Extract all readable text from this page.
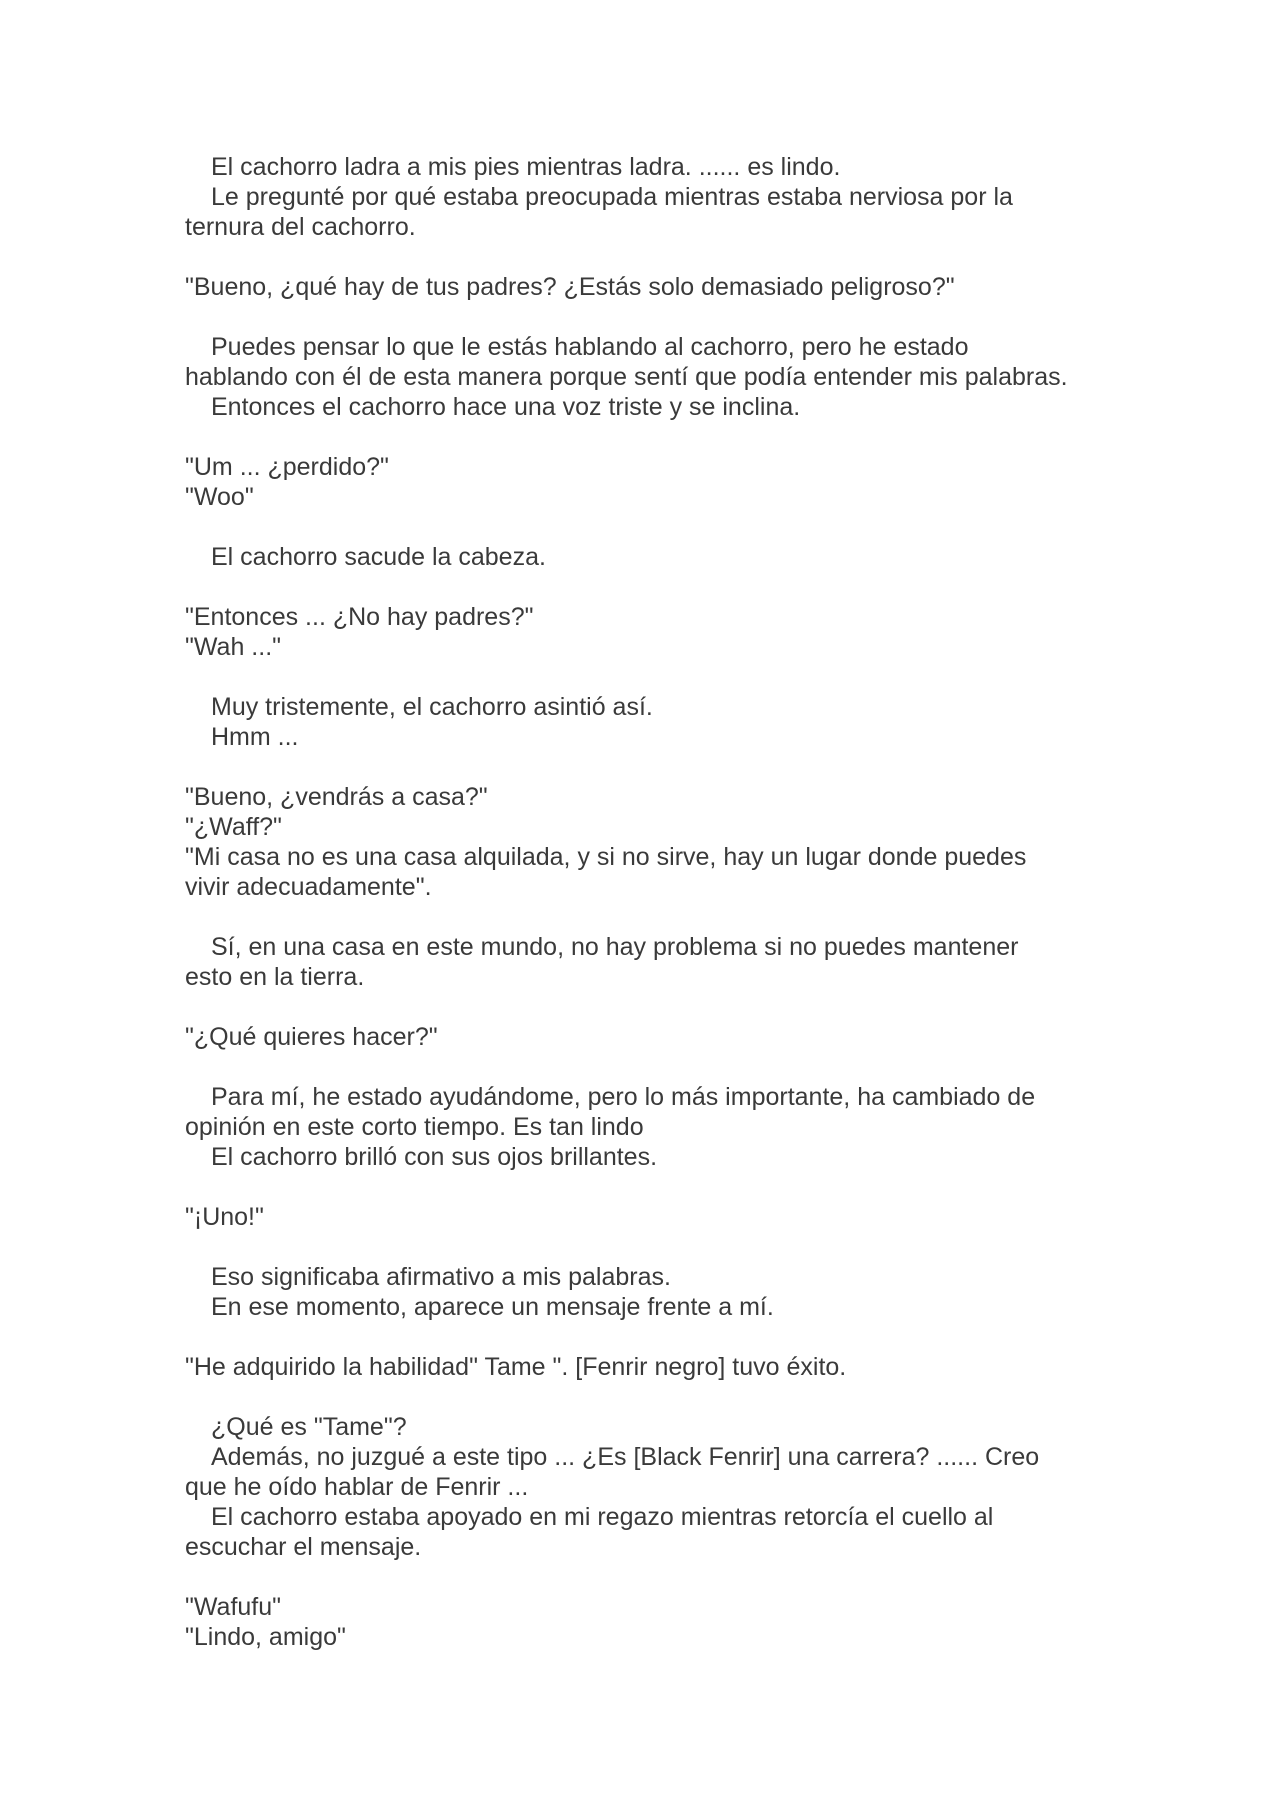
El cachorro ladra a mis pies mientras ladra. ...... es lindo.

Le pregunté por qué estaba preocupada mientras estaba nerviosa por la

ternura del cachorro.

"Bueno, ¿qué hay de tus padres? ¿Estás solo demasiado peligroso?"

Puedes pensar lo que le estás hablando al cachorro, pero he estado

hablando con él de esta manera porque sentí que podía entender mis palabras.

Entonces el cachorro hace una voz triste y se inclina.

"Um ... ¿perdido?"

"Woo"

El cachorro sacude la cabeza.

"Entonces ... ¿No hay padres?"

"Wah ..."

Muy tristemente, el cachorro asintió así.

Hmm ...

"Bueno, ¿vendrás a casa?"

"¿Waff?"

"Mi casa no es una casa alquilada, y si no sirve, hay un lugar donde puedes

vivir adecuadamente".

Sí, en una casa en este mundo, no hay problema si no puedes mantener

esto en la tierra.

"¿Qué quieres hacer?"

Para mí, he estado ayudándome, pero lo más importante, ha cambiado de

opinión en este corto tiempo. Es tan lindo

El cachorro brilló con sus ojos brillantes.

"¡Uno!"

Eso significaba afirmativo a mis palabras.

En ese momento, aparece un mensaje frente a mí.

"He adquirido la habilidad" Tame ". [Fenrir negro] tuvo éxito.

¿Qué es "Tame"?

Además, no juzgué a este tipo ... ¿Es [Black Fenrir] una carrera? ...... Creo

que he oído hablar de Fenrir ...

El cachorro estaba apoyado en mi regazo mientras retorcía el cuello al

escuchar el mensaje.

"Wafufu"

"Lindo, amigo"
